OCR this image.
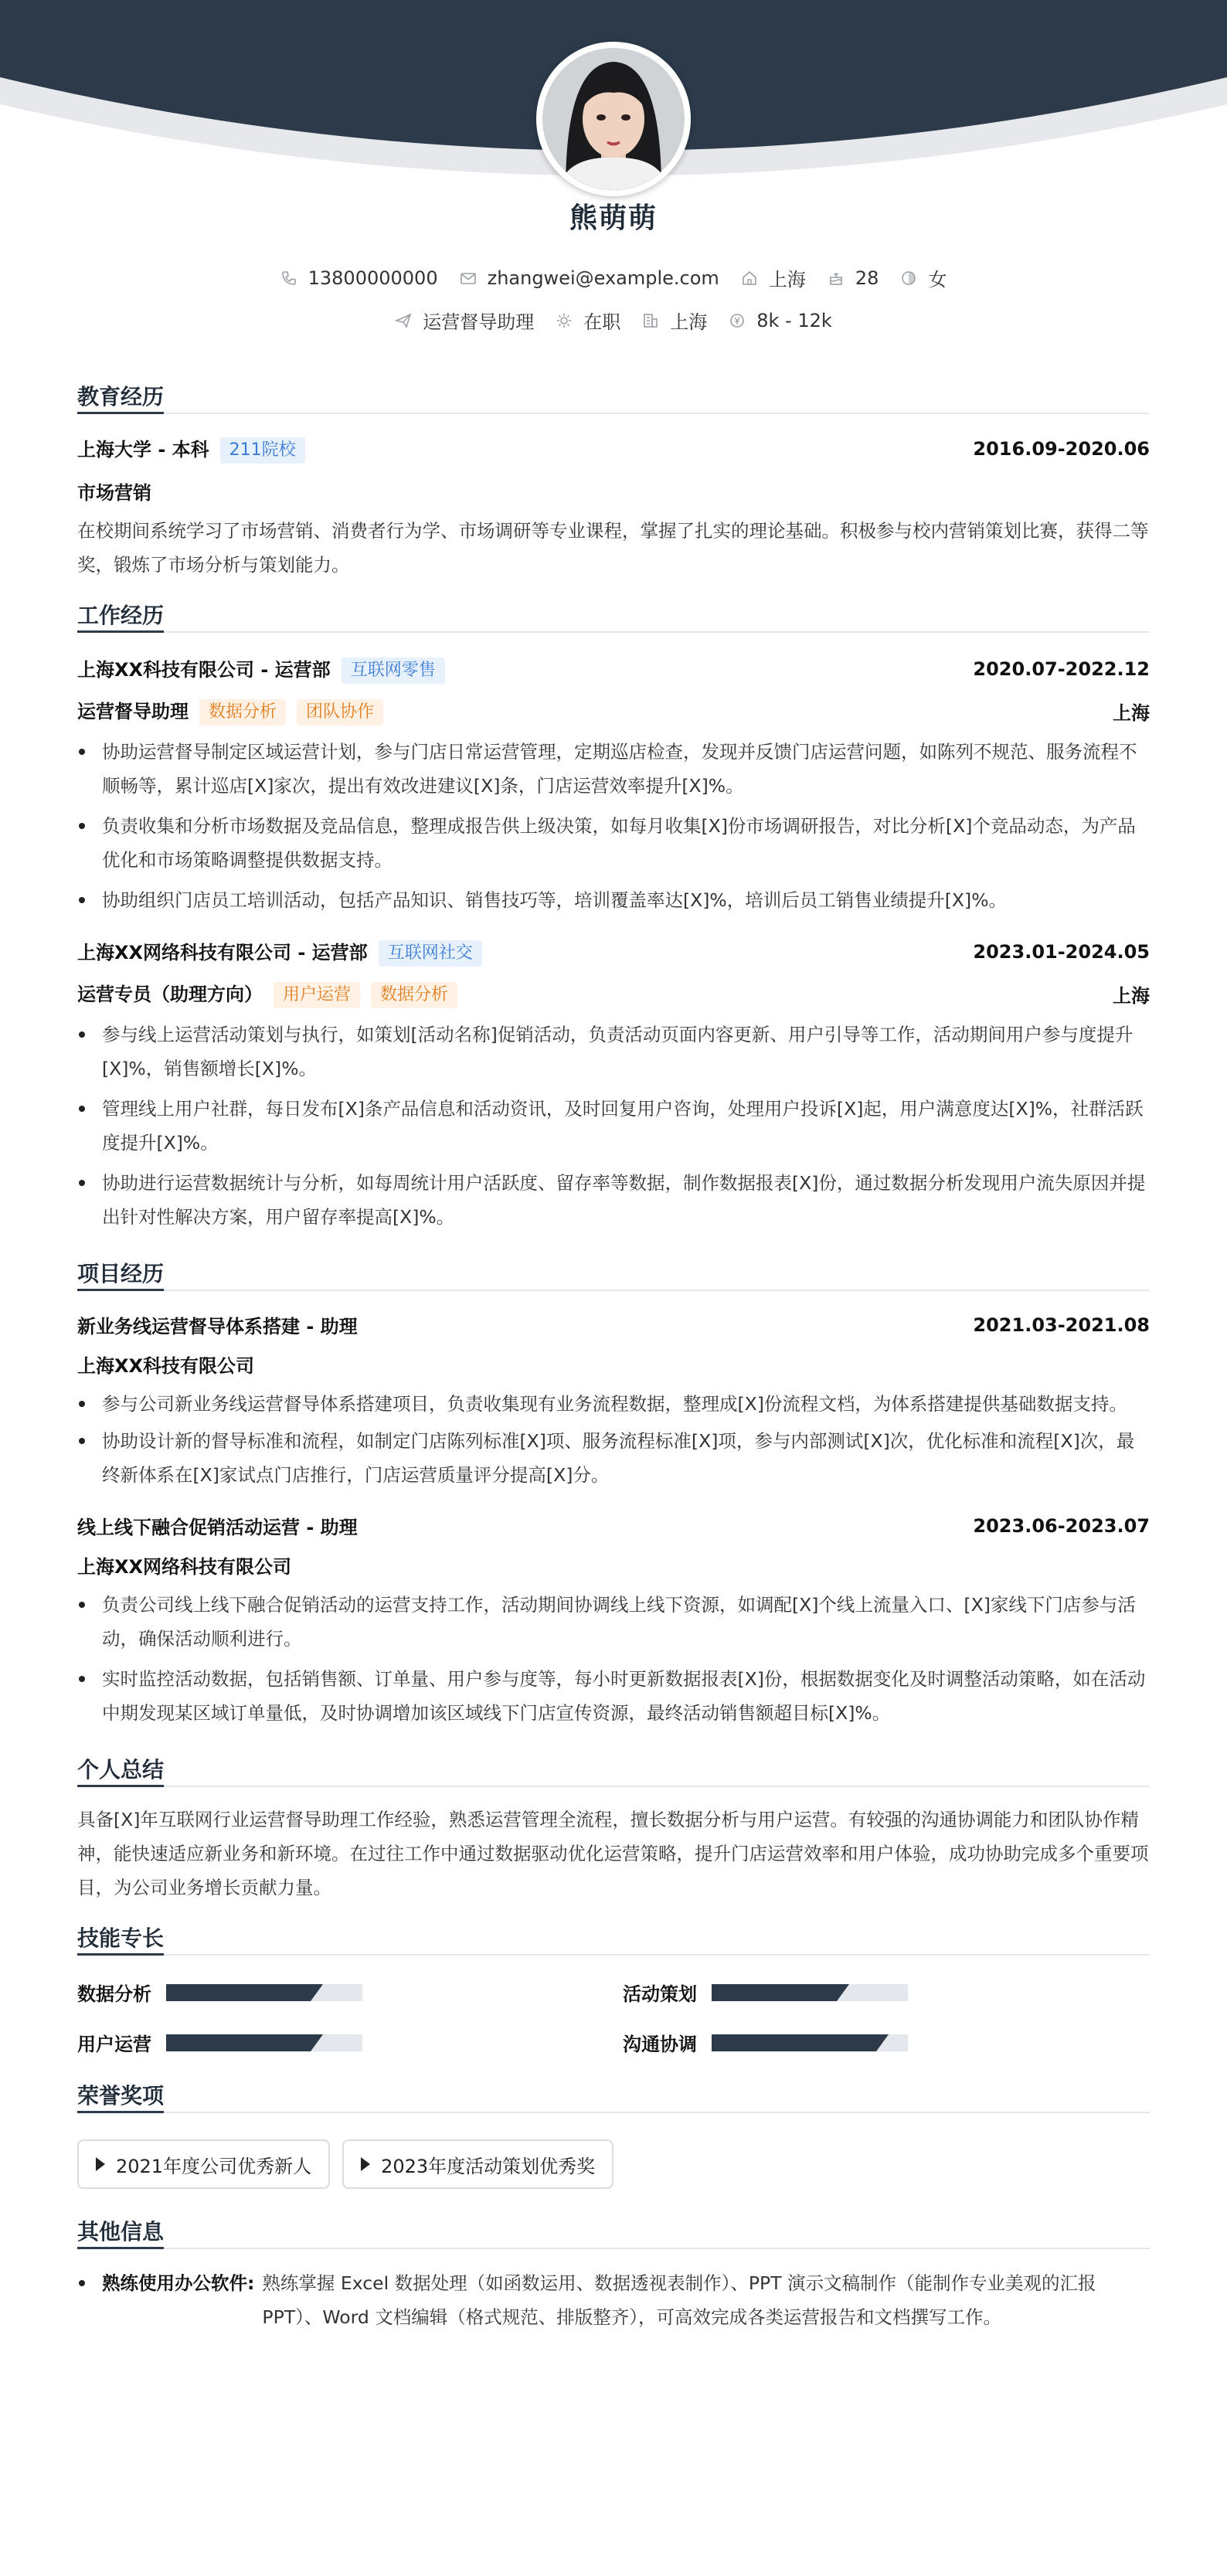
熊萌萌
13800000000	zhangwei@example.com	上海	28	女
运营督导助理	在职	上海	8k - 12k
教育经历
上海大学 - 本科 211院校	2016.09-2020.06
市场营销
在校期间系统学习了市场营销、消费者行为学、市场调研等专业课程，掌握了扎实的理论基础。积极参与校内营销策划比赛，获得二等奖，锻炼了市场分析与策划能力。
工作经历
上海XX科技有限公司 - 运营部 互联网零售	2020.07-2022.12
运营督导助理 数据分析 团队协作	上海
协助运营督导制定区域运营计划，参与门店日常运营管理，定期巡店检查，发现并反馈门店运营问题，如陈列不规范、服务流程不顺畅等，累计巡店[X]家次，提出有效改进建议[X]条，门店运营效率提升[X]%。
负责收集和分析市场数据及竞品信息，整理成报告供上级决策，如每月收集[X]份市场调研报告，对比分析[X]个竞品动态，为产品优化和市场策略调整提供数据支持。
协助组织门店员工培训活动，包括产品知识、销售技巧等，培训覆盖率达[X]%，培训后员工销售业绩提升[X]%。
上海XX网络科技有限公司 - 运营部 互联网社交	2023.01-2024.05
运营专员（助理方向） 用户运营 数据分析	上海
参与线上运营活动策划与执行，如策划[活动名称]促销活动，负责活动页面内容更新、用户引导等工作，活动期间用户参与度提升[X]%，销售额增长[X]%。
管理线上用户社群，每日发布[X]条产品信息和活动资讯，及时回复用户咨询，处理用户投诉[X]起，用户满意度达[X]%，社群活跃度提升[X]%。
协助进行运营数据统计与分析，如每周统计用户活跃度、留存率等数据，制作数据报表[X]份，通过数据分析发现用户流失原因并提出针对性解决方案，用户留存率提高[X]%。
项目经历
新业务线运营督导体系搭建 - 助理	2021.03-2021.08
上海XX科技有限公司
参与公司新业务线运营督导体系搭建项目，负责收集现有业务流程数据，整理成[X]份流程文档，为体系搭建提供基础数据支持。
协助设计新的督导标准和流程，如制定门店陈列标准[X]项、服务流程标准[X]项，参与内部测试[X]次，优化标准和流程[X]次，最终新体系在[X]家试点门店推行，门店运营质量评分提高[X]分。
线上线下融合促销活动运营 - 助理	2023.06-2023.07
上海XX网络科技有限公司
负责公司线上线下融合促销活动的运营支持工作，活动期间协调线上线下资源，如调配[X]个线上流量入口、[X]家线下门店参与活动，确保活动顺利进行。
实时监控活动数据，包括销售额、订单量、用户参与度等，每小时更新数据报表[X]份，根据数据变化及时调整活动策略，如在活动中期发现某区域订单量低，及时协调增加该区域线下门店宣传资源，最终活动销售额超目标[X]%。
个人总结
具备[X]年互联网行业运营督导助理工作经验，熟悉运营管理全流程，擅长数据分析与用户运营。有较强的沟通协调能力和团队协作精神，能快速适应新业务和新环境。在过往工作中通过数据驱动优化运营策略，提升门店运营效率和用户体验，成功协助完成多个重要项目，为公司业务增长贡献力量。
技能专长
数据分析	活动策划
用户运营	沟通协调
荣誉奖项
2021年度公司优秀新人	2023年度活动策划优秀奖
其他信息
熟练使用办公软件: 熟练掌握 Excel 数据处理（如函数运用、数据透视表制作）、PPT 演示文稿制作（能制作专业美观的汇报
PPT）、Word 文档编辑（格式规范、排版整齐），可高效完成各类运营报告和文档撰写工作。
